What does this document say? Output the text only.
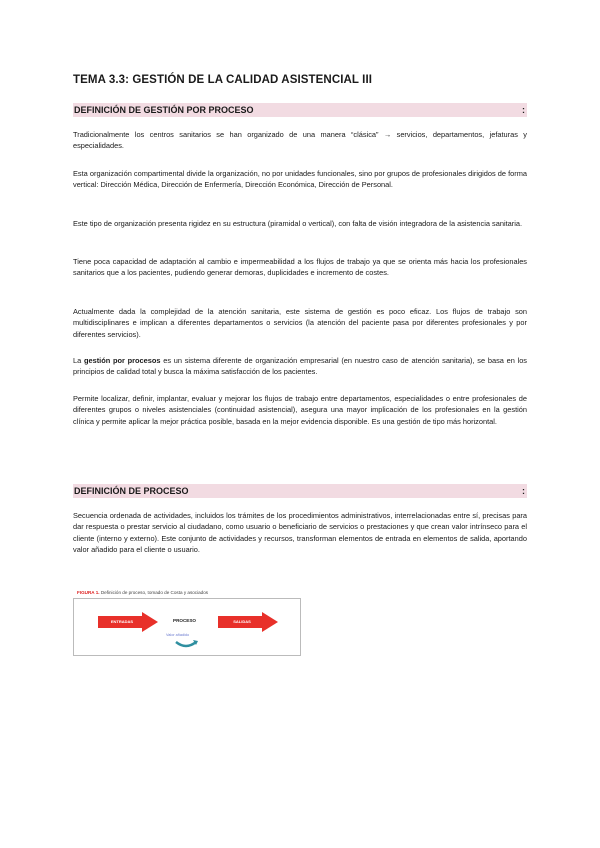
TEMA 3.3: GESTIÓN DE LA CALIDAD ASISTENCIAL III
DEFINICIÓN DE GESTIÓN POR PROCESO	:

Tradicionalmente los centros sanitarios se han organizado de una manera “clásica” → servicios, departamentos, jefaturas y especialidades.

Esta organización compartimental divide la organización, no por unidades funcionales, sino por grupos de profesionales dirigidos de forma vertical: Dirección Médica, Dirección de Enfermería, Dirección Económica, Dirección de Personal.

Este tipo de organización presenta rigidez en su estructura (piramidal o vertical), con falta de visión integradora de la asistencia sanitaria.

Tiene poca capacidad de adaptación al cambio e impermeabilidad a los flujos de trabajo ya que se orienta más hacia los profesionales sanitarios que a los pacientes, pudiendo generar demoras, duplicidades e incremento de costes.

Actualmente dada la complejidad de la atención sanitaria, este sistema de gestión es poco eficaz. Los flujos de trabajo son multidisciplinares e implican a diferentes departamentos o servicios (la atención del paciente pasa por diferentes profesionales y por diferentes servicios).

La gestión por procesos es un sistema diferente de organización empresarial (en nuestro caso de atención sanitaria), se basa en los principios de calidad total y busca la máxima satisfacción de los pacientes.

Permite localizar, definir, implantar, evaluar y mejorar los flujos de trabajo entre departamentos, especialidades o entre profesionales de diferentes grupos o niveles asistenciales (continuidad asistencial), asegura una mayor implicación de los profesionales en la gestión clínica y permite aplicar la mejor práctica posible, basada en la mejor evidencia disponible. Es una gestión de tipo más horizontal.

DEFINICIÓN DE PROCESO	:

Secuencia ordenada de actividades, incluidos los trámites de los procedimientos administrativos, interrelacionadas entre sí, precisas para dar respuesta o prestar servicio al ciudadano, como usuario o beneficiario de servicios o prestaciones y que crean valor intrínseco para el cliente (interno y externo). Este conjunto de actividades y recursos, transforman elementos de entrada en elementos de salida, aportando valor añadido para el cliente o usuario.

FIGURA 1. Definición de proceso, tomado de Costa y asociados
ENTRADAS	PROCESO
Valor añadido
SALIDAS
